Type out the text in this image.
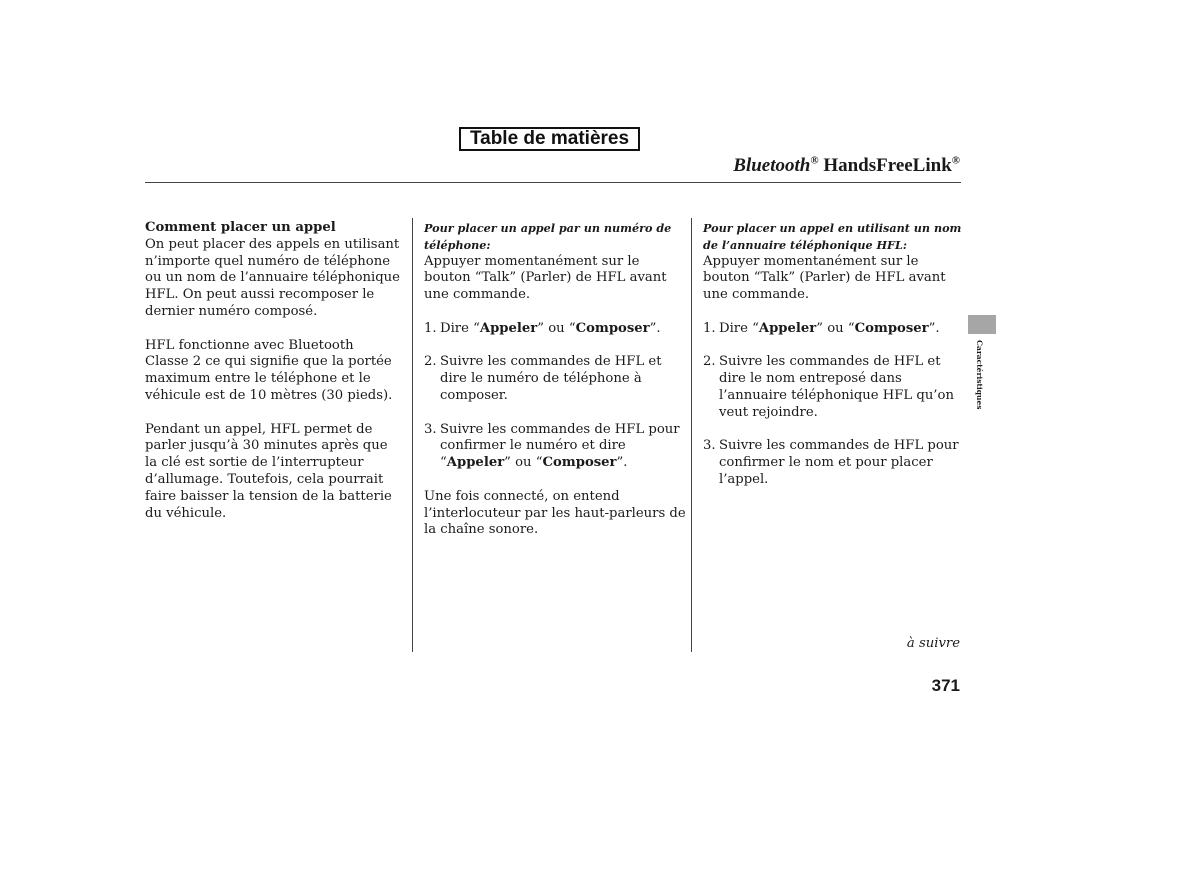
Table de matières
Bluetooth® HandsFreeLink®

Comment placer un appel

On peut placer des appels en utilisant n’importe quel numéro de téléphone ou un nom de l’annuaire téléphonique HFL. On peut aussi recomposer le dernier numéro composé.

HFL fonctionne avec Bluetooth Classe 2 ce qui signifie que la portée maximum entre le téléphone et le véhicule est de 10 mètres (30 pieds).

Pendant un appel, HFL permet de parler jusqu’à 30 minutes après que la clé est sortie de l’interrupteur d’allumage. Toutefois, cela pourrait faire baisser la tension de la batterie du véhicule.

Pour placer un appel par un numéro de téléphone:

Appuyer momentanément sur le bouton “Talk” (Parler) de HFL avant une commande.

1. Dire “Appeler” ou “Composer”.
2. Suivre les commandes de HFL et dire le numéro de téléphone à composer.
3. Suivre les commandes de HFL pour confirmer le numéro et dire “Appeler” ou “Composer”.

Une fois connecté, on entend l’interlocuteur par les haut-parleurs de la chaîne sonore.

Pour placer un appel en utilisant un nom de l’annuaire téléphonique HFL:

Appuyer momentanément sur le bouton “Talk” (Parler) de HFL avant une commande.

1. Dire “Appeler” ou “Composer”.
2. Suivre les commandes de HFL et dire le nom entreposé dans l’annuaire téléphonique HFL qu’on veut rejoindre.
3. Suivre les commandes de HFL pour confirmer le nom et pour placer l’appel.
Caractéristiques
à suivre
371
